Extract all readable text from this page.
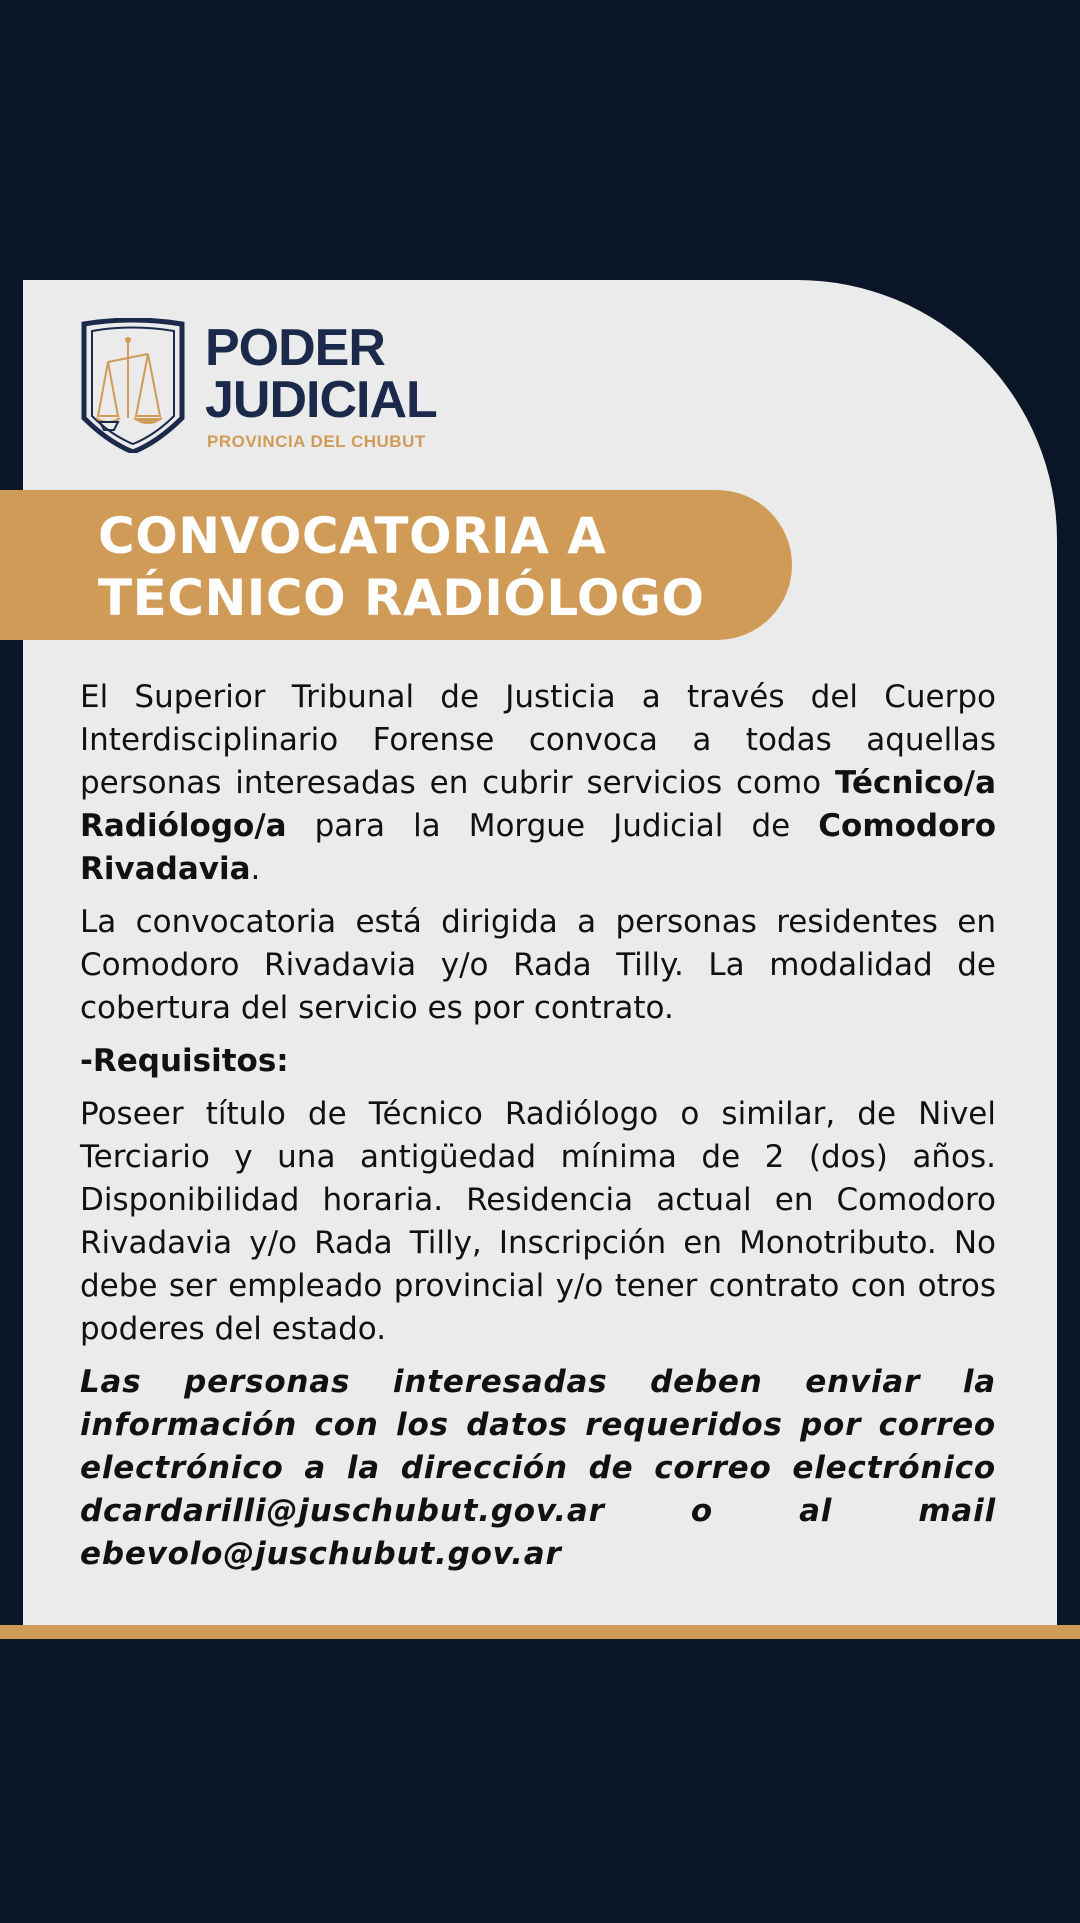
PODER
JUDICIAL
PROVINCIA DEL CHUBUT
CONVOCATORIA A
TÉCNICO RADIÓLOGO

El Superior Tribunal de Justicia a través del Cuerpo Interdisciplinario Forense convoca a todas aquellas personas interesadas en cubrir servicios como Técnico/a Radiólogo/a para la Morgue Judicial de Comodoro Rivadavia.

La convocatoria está dirigida a personas residentes en Comodoro Rivadavia y/o Rada Tilly. La modalidad de cobertura del servicio es por contrato.

-Requisitos:

Poseer título de Técnico Radiólogo o similar, de Nivel Terciario y una antigüedad mínima de 2 (dos) años. Disponibilidad horaria. Residencia actual en Comodoro Rivadavia y/o Rada Tilly, Inscripción en Monotributo. No debe ser empleado provincial y/o tener contrato con otros poderes del estado.

Las personas interesadas deben enviar la información con los datos requeridos por correo electrónico a la dirección de correo electrónico dcardarilli@juschubut.gov.ar o al mail ebevolo@juschubut.gov.ar
